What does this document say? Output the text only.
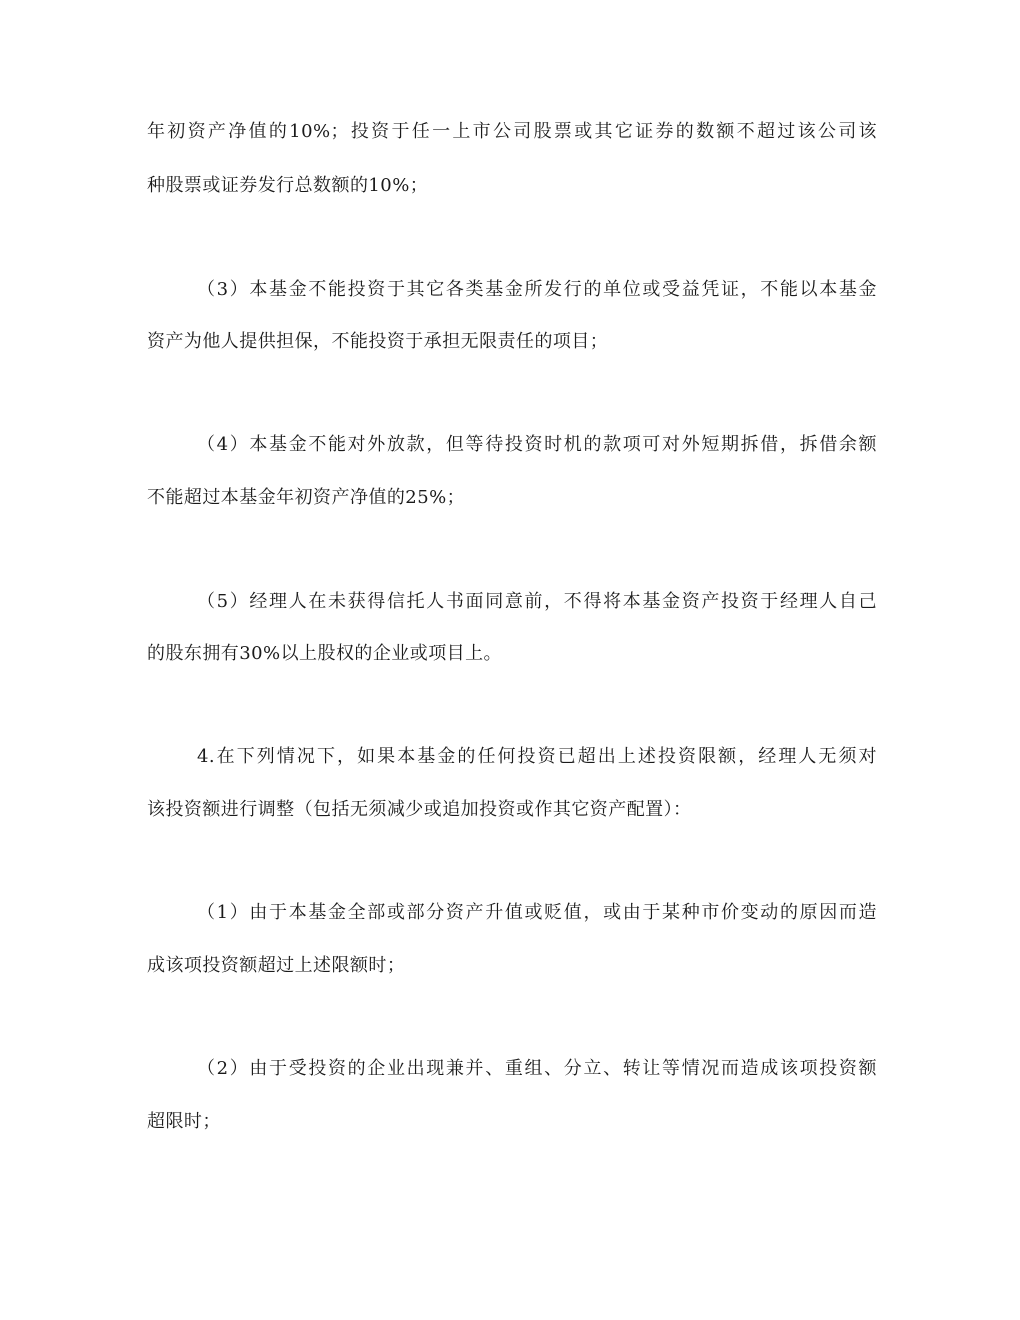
年初资产净值的10%；投资于任一上市公司股票或其它证券的数额不超过该公司该
种股票或证券发行总数额的10%；
（3）本基金不能投资于其它各类基金所发行的单位或受益凭证，不能以本基金
资产为他人提供担保，不能投资于承担无限责任的项目；
（4）本基金不能对外放款，但等待投资时机的款项可对外短期拆借，拆借余额
不能超过本基金年初资产净值的25%；
（5）经理人在未获得信托人书面同意前，不得将本基金资产投资于经理人自己
的股东拥有30%以上股权的企业或项目上。
4.在下列情况下，如果本基金的任何投资已超出上述投资限额，经理人无须对
该投资额进行调整（包括无须减少或追加投资或作其它资产配置）：
（1）由于本基金全部或部分资产升值或贬值，或由于某种市价变动的原因而造
成该项投资额超过上述限额时；
（2）由于受投资的企业出现兼并、重组、分立、转让等情况而造成该项投资额
超限时；
